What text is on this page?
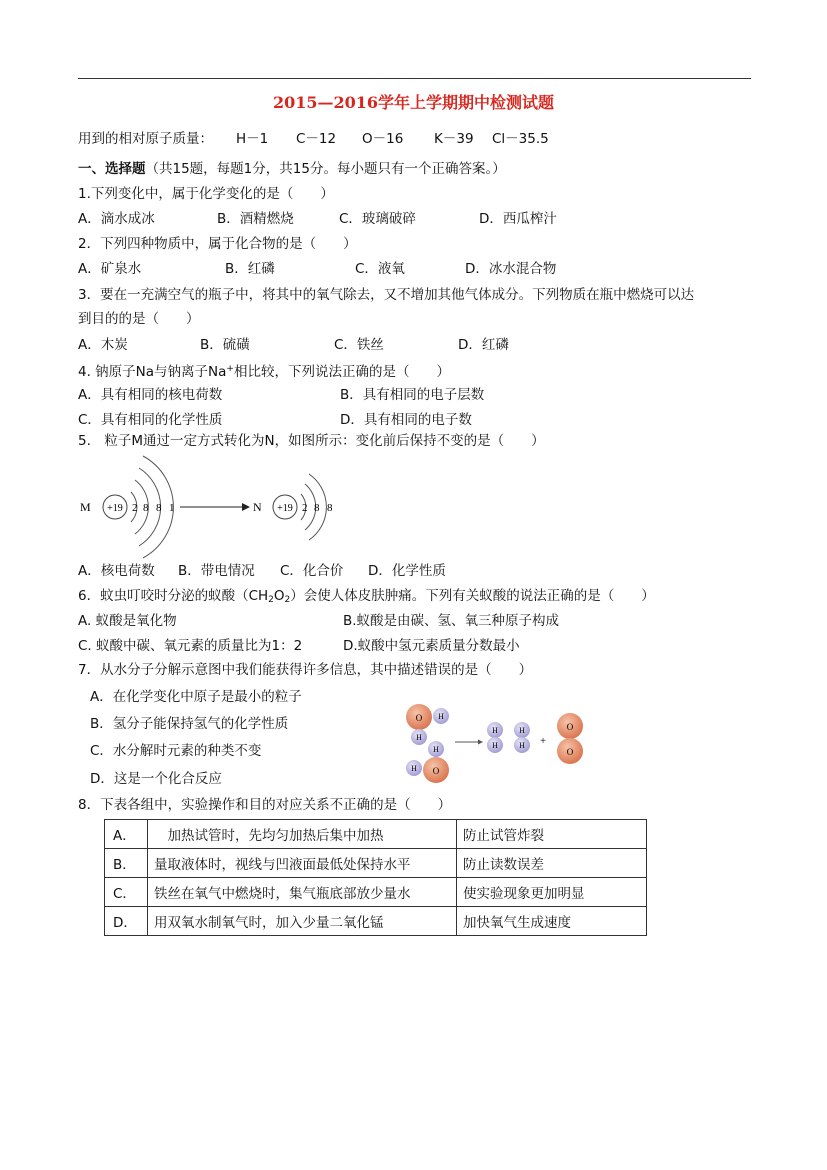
2015—2016学年上学期期中检测试题
用到的相对原子质量： H－1 C－12 O－16 K－39 Cl－35.5
一、选择题（共15题，每题1分，共15分。每小题只有一个正确答案。）
1.下列变化中，属于化学变化的是（　　）
A．滴水成冰	B．酒精燃烧	C．玻璃破碎	D．西瓜榨汁
2．下列四种物质中，属于化合物的是（　　）
A．矿泉水	B．红磷	C．液氧	D．冰水混合物
3．要在一充满空气的瓶子中，将其中的氧气除去，又不增加其他气体成分。下列物质在瓶中燃烧可以达
到目的的是（　　）
A．木炭	B．硫磺	C．铁丝	D．红磷
4. 钠原子Na与钠离子Na+相比较，下列说法正确的是（　　）
A．具有相同的核电荷数	B．具有相同的电子层数
C．具有相同的化学性质	D．具有相同的电子数
5.　粒子M通过一定方式转化为N，如图所示：变化前后保持不变的是（　　）
M +19 2 8 8 1	N +19 2 8 8
A．核电荷数 B．带电情况 C．化合价 D．化学性质
6．蚊虫叮咬时分泌的蚁酸$(CH_2O_2)$会使人体皮肤肿痛。下列有关蚁酸的说法正确的是（　　）
A. 蚁酸是氧化物	B.蚁酸是由碳、氢、氧三种原子构成
C. 蚁酸中碳、氧元素的质量比为1：2	D.蚁酸中氢元素质量分数最小
7．从水分子分解示意图中我们能获得许多信息，其中描述错误的是（　　）
A．在化学变化中原子是最小的粒子
B．氢分子能保持氢气的化学性质
C．水分解时元素的种类不变
D．这是一个化合反应
O H
H
H
H O
H
H
H
H +
O
O
8．下表各组中，实验操作和目的对应关系不正确的是（　　）
A．	　加热试管时，先均匀加热后集中加热	防止试管炸裂
B．	量取液体时，视线与凹液面最低处保持水平	防止读数误差
C．	铁丝在氧气中燃烧时，集气瓶底部放少量水	使实验现象更加明显
D．	用双氧水制氧气时，加入少量二氧化锰	加快氧气生成速度
